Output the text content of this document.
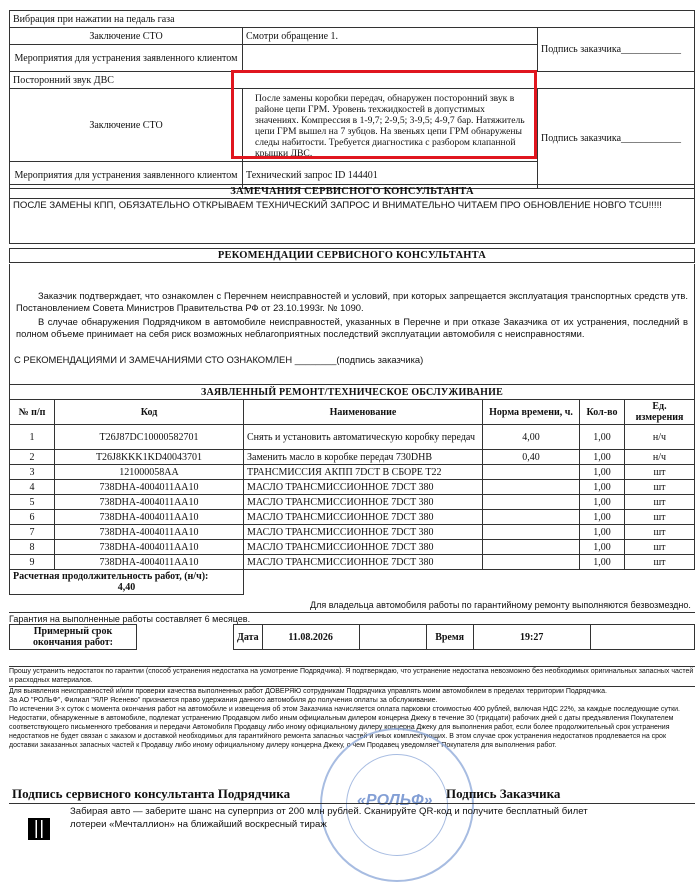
Вибрация при нажатии на педаль газа		
Заключение СТО	Смотри обращение 1.	Подпись заказчика____________
Мероприятия для устранения заявленного клиентом		
Посторонний звук ДВС		
Заключение СТО	После замены коробки передач, обнаружен посторонний звук в районе цепи ГРМ. Уровень техжидкостей в допустимых значениях. Компрессия в 1-9,7; 2-9,5; 3-9,5; 4-9,7 бар. Натяжитель цепи ГРМ вышел на 7 зубцов. На звеньях цепи ГРМ обнаружены следы набитости. Требуется диагностика с разбором клапанной крышки ДВС.	Подпись заказчика____________
Мероприятия для устранения заявленного клиентом	Технический запрос ID 144401	
ЗАМЕЧАНИЯ СЕРВИСНОГО КОНСУЛЬТАНТА
ПОСЛЕ ЗАМЕНЫ КПП, ОБЯЗАТЕЛЬНО ОТКРЫВАЕМ ТЕХНИЧЕСКИЙ ЗАПРОС И ВНИМАТЕЛЬНО ЧИТАЕМ ПРО ОБНОВЛЕНИЕ НОВГО TCU!!!!!
РЕКОМЕНДАЦИИ СЕРВИСНОГО КОНСУЛЬТАНТА

Заказчик подтверждает, что ознакомлен с Перечнем неисправностей и условий, при которых запрещается эксплуатация транспортных средств утв. Постановлением Совета Министров Правительства РФ от 23.10.1993г. № 1090.

В случае обнаружения Подрядчиком в автомобиле неисправностей, указанных в Перечне и при отказе Заказчика от их устранения, последний в полном объеме принимает на себя риск возможных неблагоприятных последствий эксплуатации автомобиля с неисправностями.

С РЕКОМЕНДАЦИЯМИ И ЗАМЕЧАНИЯМИ СТО ОЗНАКОМЛЕН ________(подпись заказчика)
ЗАЯВЛЕННЫЙ РЕМОНТ/ТЕХНИЧЕСКОЕ ОБСЛУЖИВАНИЕ					
№ п/п	Код	Наименование	Норма времени, ч.	Кол-во	Ед. измерения
1	T26J87DC10000582701	Снять и установить автоматическую коробку передач	4,00	1,00	н/ч
2	T26J8KKK1KD40043701	Заменить масло в коробке передач 730DHB	0,40	1,00	н/ч
3	121000058AA	ТРАНСМИССИЯ АКПП 7DCT В СБОРЕ T22		1,00	шт
4	738DHA-4004011AA10	МАСЛО ТРАНСМИССИОННОЕ 7DCT 380		1,00	шт
5	738DHA-4004011AA10	МАСЛО ТРАНСМИССИОННОЕ 7DCT 380		1,00	шт
6	738DHA-4004011AA10	МАСЛО ТРАНСМИССИОННОЕ 7DCT 380		1,00	шт
7	738DHA-4004011AA10	МАСЛО ТРАНСМИССИОННОЕ 7DCT 380		1,00	шт
8	738DHA-4004011AA10	МАСЛО ТРАНСМИССИОННОЕ 7DCT 380		1,00	шт
9	738DHA-4004011AA10	МАСЛО ТРАНСМИССИОННОЕ 7DCT 380		1,00	шт

Расчетная продолжительность работ, (н/ч):
4,40					

Для владельца автомобиля работы по гарантийному ремонту выполняются безвозмездно.
Гарантия на выполненные работы составляет 6 месяцев.
Примерный срок окончания работ:		Дата	11.08.2026		Время	19:27	
Прошу устранить недостаток по гарантии (способ устранения недостатка на усмотрение Подрядчика). Я подтверждаю, что устранение недостатка невозможно без необходимых оригинальных запасных частей и расходных материалов.
Для выявления неисправностей и/или проверки качества выполненных работ ДОВЕРЯЮ сотрудникам Подрядчика управлять моим автомобилем в пределах территории Подрядчика.
За АО "РОЛЬФ", Филиал "ЯЛР Ясенево" признается право удержания данного автомобиля до получения оплаты за обслуживание.
По истечении 3-х суток с момента окончания работ на автомобиле и извещения об этом Заказчика начисляется оплата парковки стоимостью 400 рублей, включая НДС 22%, за каждые последующие сутки.
Недостатки, обнаруженные в автомобиле, подлежат устранению Продавцом либо иным официальным дилером концерна Джеку в течение 30 (тридцати) рабочих дней с даты предъявления Покупателем соответствующего письменного требования и передачи Автомобиля Продавцу либо иному официальному дилеру концерна Джеку для выполнения работ, если более продолжительный срок устранения недостатков не будет связан с заказом и доставкой необходимых для гарантийного ремонта запасных частей и иных комплектующих. В этом случае срок устранения недостатков продлевается на срок доставки заказанных запасных частей к Продавцу либо иному официальному дилеру концерна Джеку, о чем Продавец уведомляет Покупателя для выполнения работ.
«РОЛЬФ»
Подпись сервисного консультанта Подрядчика	Подпись Заказчика
Забирая авто — заберите шанс на суперприз от 200 млн рублей. Сканируйте QR-код и получите бесплатный билет
лотереи «Мечталлион» на ближайший воскресный тираж
